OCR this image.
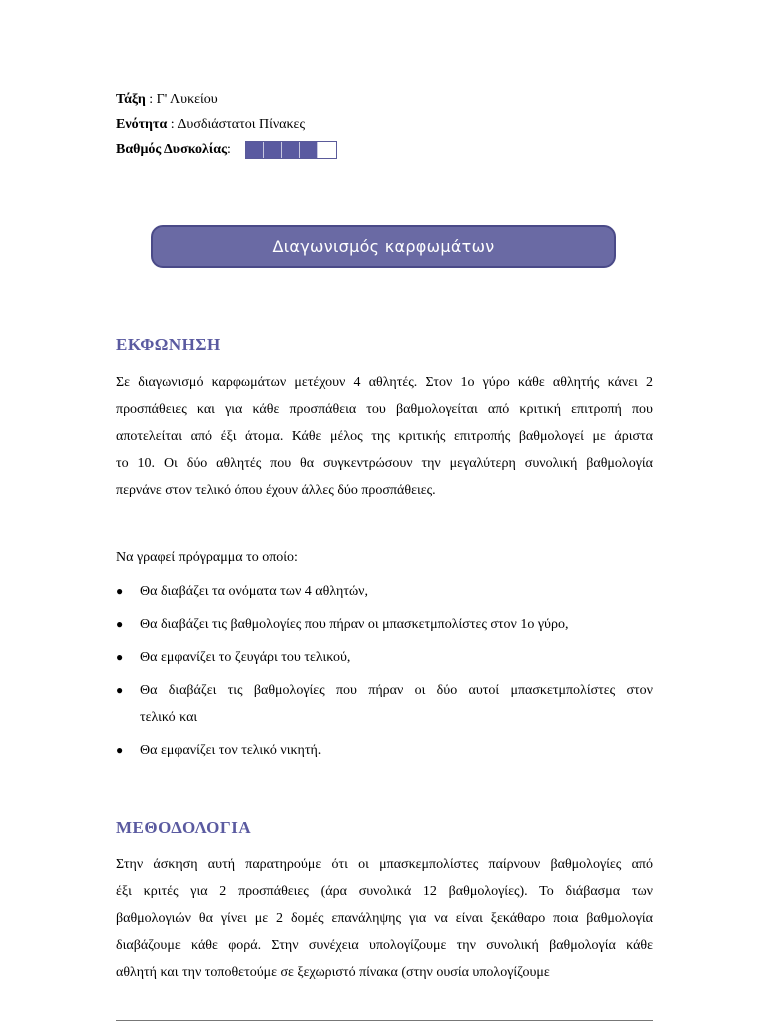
Τάξη : Γ' Λυκείου
Ενότητα : Δυσδιάστατοι Πίνακες
Βαθμός Δυσκολίας :
Διαγωνισμός καρφωμάτων
ΕΚΦΩΝΗΣΗ
Σε διαγωνισμό καρφωμάτων μετέχουν 4 αθλητές. Στον 1ο γύρο κάθε αθλητής κάνει 2
προσπάθειες και για κάθε προσπάθεια του βαθμολογείται από κριτική επιτροπή που
αποτελείται από έξι άτομα. Κάθε μέλος της κριτικής επιτροπής βαθμολογεί με άριστα
το 10. Οι δύο αθλητές που θα συγκεντρώσουν την μεγαλύτερη συνολική βαθμολογία
περνάνε στον τελικό όπου έχουν άλλες δύο προσπάθειες.
Να γραφεί πρόγραμμα το οποίο:
● Θα διαβάζει τα ονόματα των 4 αθλητών,
● Θα διαβάζει τις βαθμολογίες που πήραν οι μπασκετμπολίστες στον 1ο γύρο,
● Θα εμφανίζει το ζευγάρι του τελικού,
● Θα διαβάζει τις βαθμολογίες που πήραν οι δύο αυτοί μπασκετμπολίστες στον
τελικό και
● Θα εμφανίζει τον τελικό νικητή.
ΜΕΘΟΔΟΛΟΓΙΑ
Στην άσκηση αυτή παρατηρούμε ότι οι μπασκεμπολίστες παίρνουν βαθμολογίες από
έξι κριτές για 2 προσπάθειες (άρα συνολικά 12 βαθμολογίες). Το διάβασμα των
βαθμολογιών θα γίνει με 2 δομές επανάληψης για να είναι ξεκάθαρο ποια βαθμολογία
διαβάζουμε κάθε φορά. Στην συνέχεια υπολογίζουμε την συνολική βαθμολογία κάθε
αθλητή και την τοποθετούμε σε ξεχωριστό πίνακα (στην ουσία υπολογίζουμε
